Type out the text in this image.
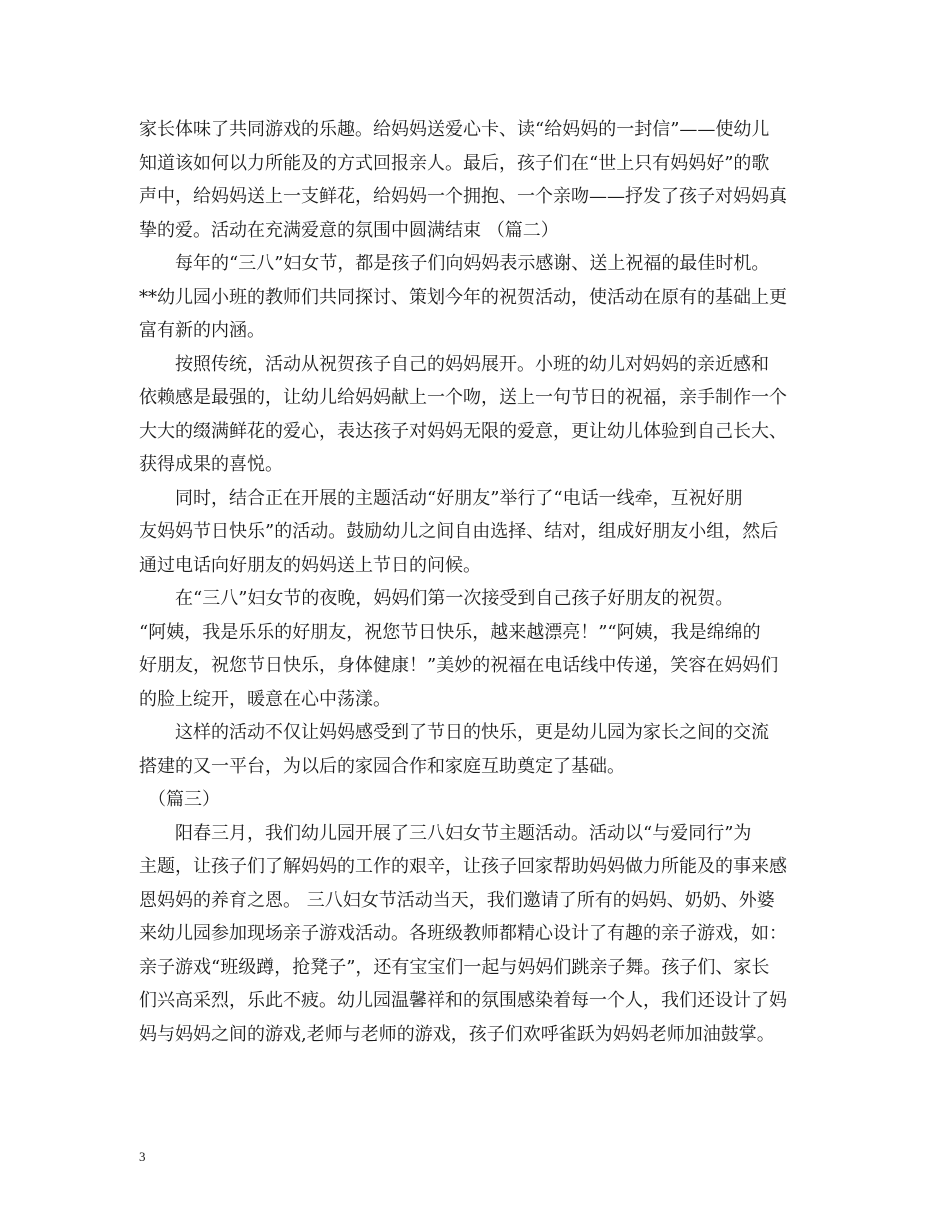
家长体味了共同游戏的乐趣。给妈妈送爱心卡、读“给妈妈的一封信”——使幼儿
知道该如何以力所能及的方式回报亲人。最后，孩子们在“世上只有妈妈好”的歌
声中，给妈妈送上一支鲜花，给妈妈一个拥抱、一个亲吻——抒发了孩子对妈妈真
挚的爱。活动在充满爱意的氛围中圆满结束 （篇二）
　　每年的“三八”妇女节，都是孩子们向妈妈表示感谢、送上祝福的最佳时机。
**幼儿园小班的教师们共同探讨、策划今年的祝贺活动，使活动在原有的基础上更
富有新的内涵。
　　按照传统，活动从祝贺孩子自己的妈妈展开。小班的幼儿对妈妈的亲近感和
依赖感是最强的，让幼儿给妈妈献上一个吻，送上一句节日的祝福，亲手制作一个
大大的缀满鲜花的爱心，表达孩子对妈妈无限的爱意，更让幼儿体验到自己长大、
获得成果的喜悦。
　　同时，结合正在开展的主题活动“好朋友”举行了“电话一线牵，互祝好朋
友妈妈节日快乐”的活动。鼓励幼儿之间自由选择、结对，组成好朋友小组，然后
通过电话向好朋友的妈妈送上节日的问候。
　　在“三八”妇女节的夜晚，妈妈们第一次接受到自己孩子好朋友的祝贺。
“阿姨，我是乐乐的好朋友，祝您节日快乐，越来越漂亮！”“阿姨，我是绵绵的
好朋友，祝您节日快乐，身体健康！”美妙的祝福在电话线中传递，笑容在妈妈们
的脸上绽开，暖意在心中荡漾。
　　这样的活动不仅让妈妈感受到了节日的快乐，更是幼儿园为家长之间的交流
搭建的又一平台，为以后的家园合作和家庭互助奠定了基础。
　（篇三）
　　阳春三月，我们幼儿园开展了三八妇女节主题活动。活动以“与爱同行”为
主题，让孩子们了解妈妈的工作的艰辛，让孩子回家帮助妈妈做力所能及的事来感
恩妈妈的养育之恩。 三八妇女节活动当天，我们邀请了所有的妈妈、奶奶、外婆
来幼儿园参加现场亲子游戏活动。各班级教师都精心设计了有趣的亲子游戏，如：
亲子游戏“班级蹲，抢凳子”，还有宝宝们一起与妈妈们跳亲子舞。孩子们、家长
们兴高采烈，乐此不疲。幼儿园温馨祥和的氛围感染着每一个人，我们还设计了妈
妈与妈妈之间的游戏,老师与老师的游戏，孩子们欢呼雀跃为妈妈老师加油鼓掌。
3
